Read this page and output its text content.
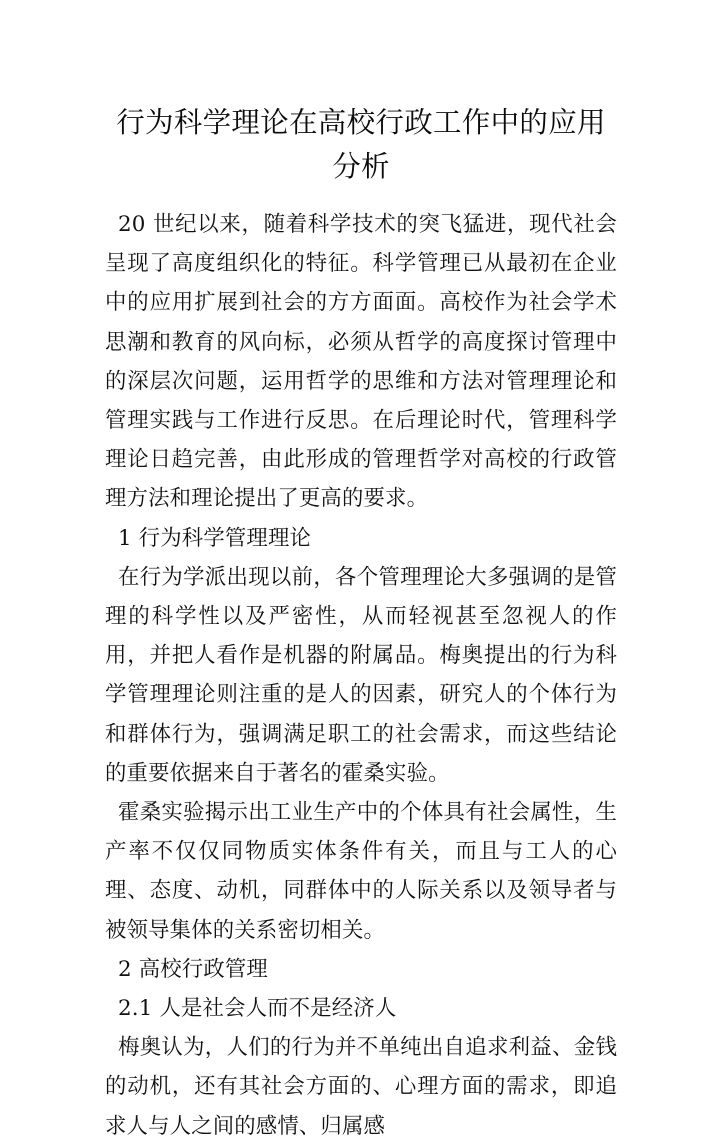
行为科学理论在高校行政工作中的应用分析

20 世纪以来，随着科学技术的突飞猛进，现代社会呈现了高度组织化的特征。科学管理已从最初在企业中的应用扩展到社会的方方面面。高校作为社会学术思潮和教育的风向标，必须从哲学的高度探讨管理中的深层次问题，运用哲学的思维和方法对管理理论和管理实践与工作进行反思。在后理论时代，管理科学理论日趋完善，由此形成的管理哲学对高校的行政管理方法和理论提出了更高的要求。

1 行为科学管理理论

在行为学派出现以前，各个管理理论大多强调的是管理的科学性以及严密性，从而轻视甚至忽视人的作用，并把人看作是机器的附属品。梅奥提出的行为科学管理理论则注重的是人的因素，研究人的个体行为和群体行为，强调满足职工的社会需求，而这些结论的重要依据来自于著名的霍桑实验。

霍桑实验揭示出工业生产中的个体具有社会属性，生产率不仅仅同物质实体条件有关，而且与工人的心理、态度、动机，同群体中的人际关系以及领导者与被领导集体的关系密切相关。

2 高校行政管理

2.1 人是社会人而不是经济人

梅奥认为，人们的行为并不单纯出自追求利益、金钱的动机，还有其社会方面的、心理方面的需求，即追求人与人之间的感情、归属感
